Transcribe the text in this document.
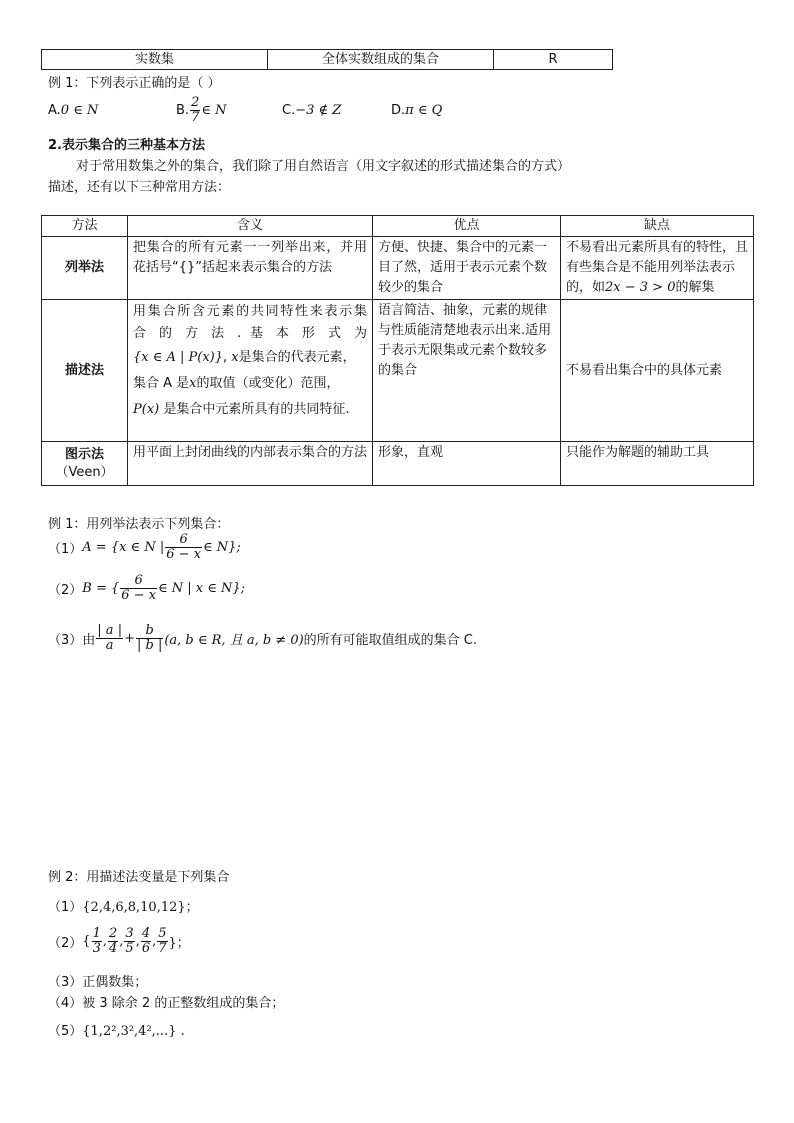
实数集	全体实数组成的集合	R
例 1：下列表示正确的是（ ）
A.0 ∈ N	B. $\frac{2}{7}$ ∈ N	C.−3 ∉ Z	D.π ∈ Q
2.表示集合的三种基本方法
对于常用数集之外的集合，我们除了用自然语言（用文字叙述的形式描述集合的方式）
描述，还有以下三种常用方法：
方法	含义	优点	缺点
列举法	把集合的所有元素一一列举出来，并用
花括号“{}”括起来表示集合的方法	方便、快捷、集合中的元素一目了然，适用于表示元素个数较少的集合	不易看出元素所具有的特性，且有些集合是不能用列举法表示的，如2x − 3 > 0的解集
描述法	用集合所含元素的共同特性来表示集
合 的 方 法 . 基 本 形 式 为
{x ∈ A | P(x)}, x是集合的代表元素，
集合 A 是x的取值（或变化）范围，
P(x) 是集合中元素所具有的共同特征.	语言简洁、抽象，元素的规律与性质能清楚地表示出来.适用于表示无限集或元素个数较多的集合	不易看出集合中的具体元素

图示法
（Veen）	用平面上封闭曲线的内部表示集合的方法	形象，直观	只能作为解题的辅助工具
例 1：用列举法表示下列集合：
（1）A = {x ∈ N | $\frac{6}{6 - x}$ ∈ N};
（2）B = { $\frac{6}{6 - x}$ ∈ N | x ∈ N};
（3）由 $\frac{| a |}{a} + \frac{b}{| b |} (a$, b ∈ R, 且 a, b ≠ 0)的所有可能取值组成的集合 C.
例 2：用描述法变量是下列集合
（1）{2,4,6,8,10,12}；
$(2)\{ \frac{1}{3}$ , $\frac{2}{4}$ , $\frac{3}{5}$ , $\frac{4}{6}$ , $\frac{5}{7}$ }；
（3）正偶数集；
（4）被 3 除余 2 的正整数组成的集合；
（5）{1,2²,3²,4²,...} .
